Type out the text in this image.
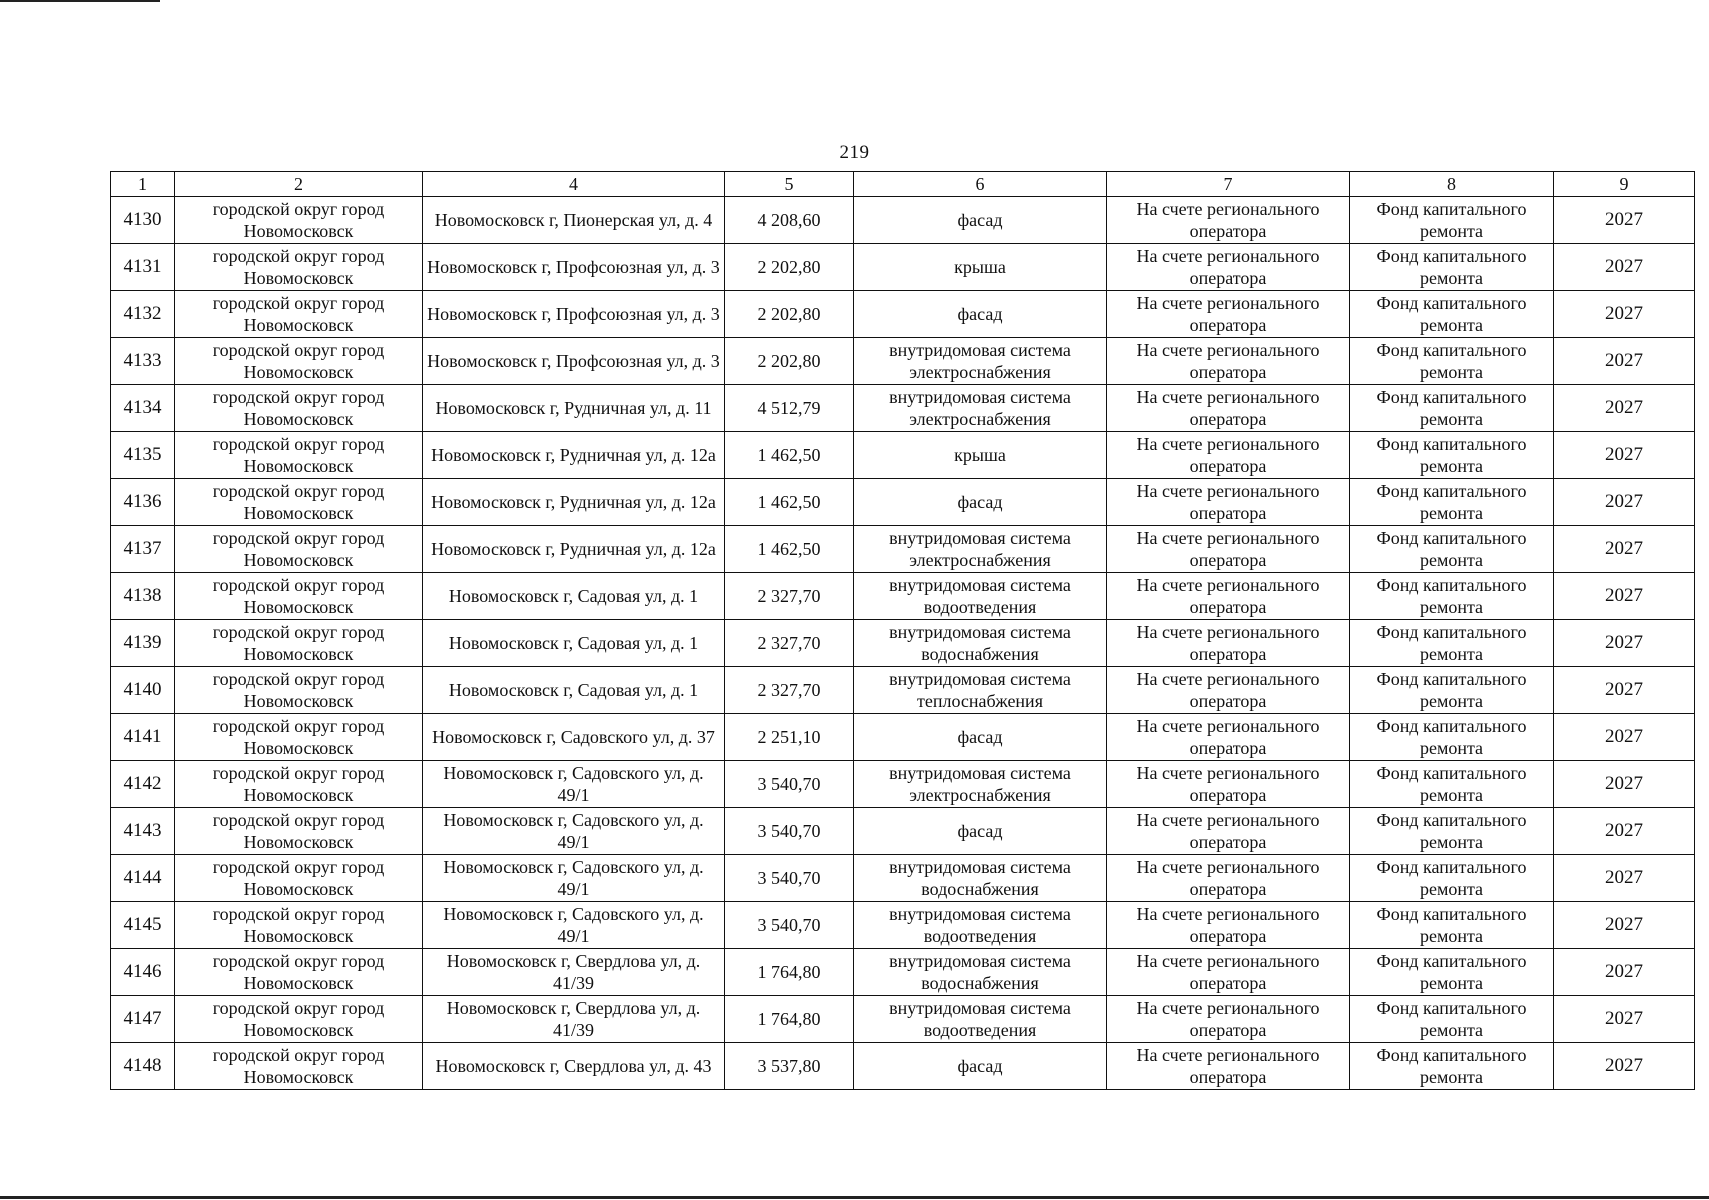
219
1	2	4	5	6	7	8	9
4130	городской округ город Новомосковск	Новомосковск г, Пионерская ул, д. 4	4 208,60	фасад	На счете регионального оператора	Фонд капитального ремонта	2027
4131	городской округ город Новомосковск	Новомосковск г, Профсоюзная ул, д. 3	2 202,80	крыша	На счете регионального оператора	Фонд капитального ремонта	2027
4132	городской округ город Новомосковск	Новомосковск г, Профсоюзная ул, д. 3	2 202,80	фасад	На счете регионального оператора	Фонд капитального ремонта	2027
4133	городской округ город Новомосковск	Новомосковск г, Профсоюзная ул, д. 3	2 202,80	внутридомовая система электроснабжения	На счете регионального оператора	Фонд капитального ремонта	2027
4134	городской округ город Новомосковск	Новомосковск г, Рудничная ул, д. 11	4 512,79	внутридомовая система электроснабжения	На счете регионального оператора	Фонд капитального ремонта	2027
4135	городской округ город Новомосковск	Новомосковск г, Рудничная ул, д. 12а	1 462,50	крыша	На счете регионального оператора	Фонд капитального ремонта	2027
4136	городской округ город Новомосковск	Новомосковск г, Рудничная ул, д. 12а	1 462,50	фасад	На счете регионального оператора	Фонд капитального ремонта	2027
4137	городской округ город Новомосковск	Новомосковск г, Рудничная ул, д. 12а	1 462,50	внутридомовая система электроснабжения	На счете регионального оператора	Фонд капитального ремонта	2027
4138	городской округ город Новомосковск	Новомосковск г, Садовая ул, д. 1	2 327,70	внутридомовая система водоотведения	На счете регионального оператора	Фонд капитального ремонта	2027
4139	городской округ город Новомосковск	Новомосковск г, Садовая ул, д. 1	2 327,70	внутридомовая система водоснабжения	На счете регионального оператора	Фонд капитального ремонта	2027
4140	городской округ город Новомосковск	Новомосковск г, Садовая ул, д. 1	2 327,70	внутридомовая система теплоснабжения	На счете регионального оператора	Фонд капитального ремонта	2027
4141	городской округ город Новомосковск	Новомосковск г, Садовского ул, д. 37	2 251,10	фасад	На счете регионального оператора	Фонд капитального ремонта	2027
4142	городской округ город Новомосковск	Новомосковск г, Садовского ул, д. 49/1	3 540,70	внутридомовая система электроснабжения	На счете регионального оператора	Фонд капитального ремонта	2027
4143	городской округ город Новомосковск	Новомосковск г, Садовского ул, д. 49/1	3 540,70	фасад	На счете регионального оператора	Фонд капитального ремонта	2027
4144	городской округ город Новомосковск	Новомосковск г, Садовского ул, д. 49/1	3 540,70	внутридомовая система водоснабжения	На счете регионального оператора	Фонд капитального ремонта	2027
4145	городской округ город Новомосковск	Новомосковск г, Садовского ул, д. 49/1	3 540,70	внутридомовая система водоотведения	На счете регионального оператора	Фонд капитального ремонта	2027
4146	городской округ город Новомосковск	Новомосковск г, Свердлова ул, д. 41/39	1 764,80	внутридомовая система водоснабжения	На счете регионального оператора	Фонд капитального ремонта	2027
4147	городской округ город Новомосковск	Новомосковск г, Свердлова ул, д. 41/39	1 764,80	внутридомовая система водоотведения	На счете регионального оператора	Фонд капитального ремонта	2027
4148	городской округ город Новомосковск	Новомосковск г, Свердлова ул, д. 43	3 537,80	фасад	На счете регионального оператора	Фонд капитального ремонта	2027
